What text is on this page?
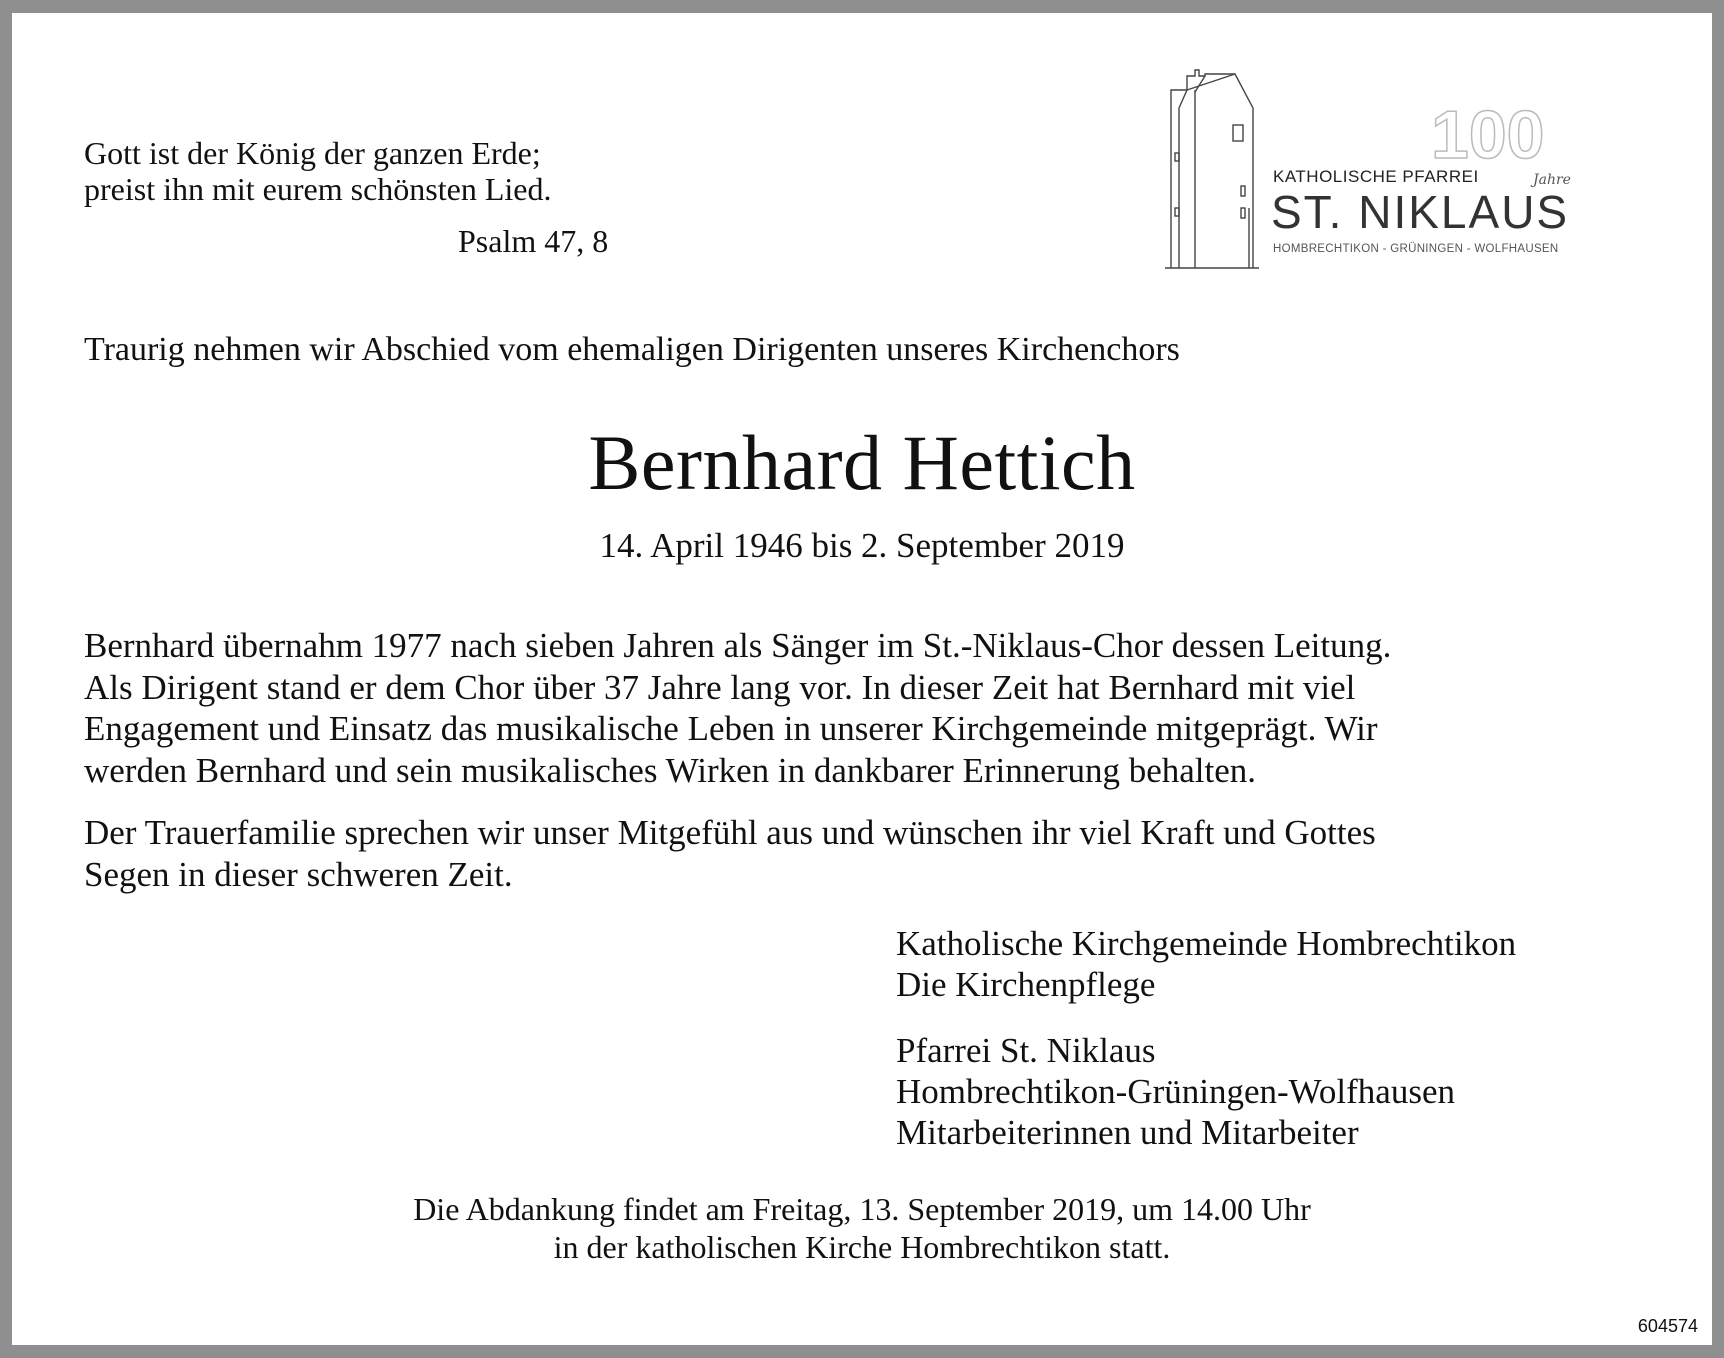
Gott ist der König der ganzen Erde;
preist ihn mit eurem schönsten Lied.
Psalm 47, 8
100
KATHOLISCHE PFARREI	Jahre
ST. NIKLAUS
HOMBRECHTIKON - GRÜNINGEN - WOLFHAUSEN
Traurig nehmen wir Abschied vom ehemaligen Dirigenten unseres Kirchenchors
Bernhard Hettich
14. April 1946 bis 2. September 2019
Bernhard übernahm 1977 nach sieben Jahren als Sänger im St.-Niklaus-Chor dessen Leitung.
Als Dirigent stand er dem Chor über 37 Jahre lang vor. In dieser Zeit hat Bernhard mit viel
Engagement und Einsatz das musikalische Leben in unserer Kirchgemeinde mitgeprägt. Wir
werden Bernhard und sein musikalisches Wirken in dankbarer Erinnerung behalten.
Der Trauerfamilie sprechen wir unser Mitgefühl aus und wünschen ihr viel Kraft und Gottes
Segen in dieser schweren Zeit.
Katholische Kirchgemeinde Hombrechtikon
Die Kirchenpflege
Pfarrei St. Niklaus
Hombrechtikon-Grüningen-Wolfhausen
Mitarbeiterinnen und Mitarbeiter
Die Abdankung findet am Freitag, 13. September 2019, um 14.00 Uhr
in der katholischen Kirche Hombrechtikon statt.
604574
